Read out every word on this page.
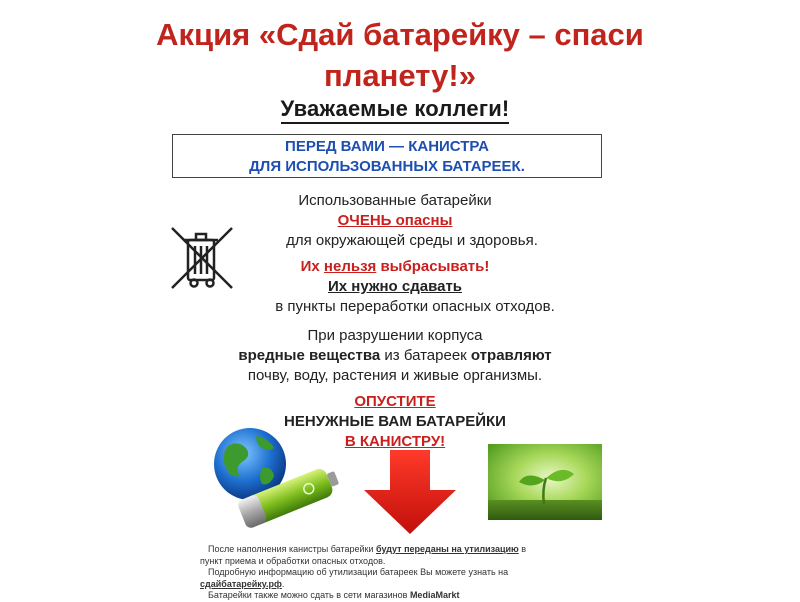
Акция «Сдай батарейку – спаси
планету!»
Уважаемые коллеги!
ПЕРЕД ВАМИ — КАНИСТРА
ДЛЯ ИСПОЛЬЗОВАННЫХ БАТАРЕЕК.
Использованные батарейки
ОЧЕНЬ опасны
для окружающей среды и здоровья.
Их нельзя выбрасывать!
Их нужно сдавать
в пункты переработки опасных отходов.
При разрушении корпуса
вредные вещества из батареек отравляют
почву, воду, растения и живые организмы.
ОПУСТИТЕ
НЕНУЖНЫЕ ВАМ БАТАРЕЙКИ
В КАНИСТРУ!
После наполнения канистры батарейки будут переданы на утилизацию в
пункт приема и обработки опасных отходов.
Подробную информацию об утилизации батареек Вы можете узнать на
сдайбатарейку.рф.
Батарейки также можно сдать в сети магазинов MediaMarkt
